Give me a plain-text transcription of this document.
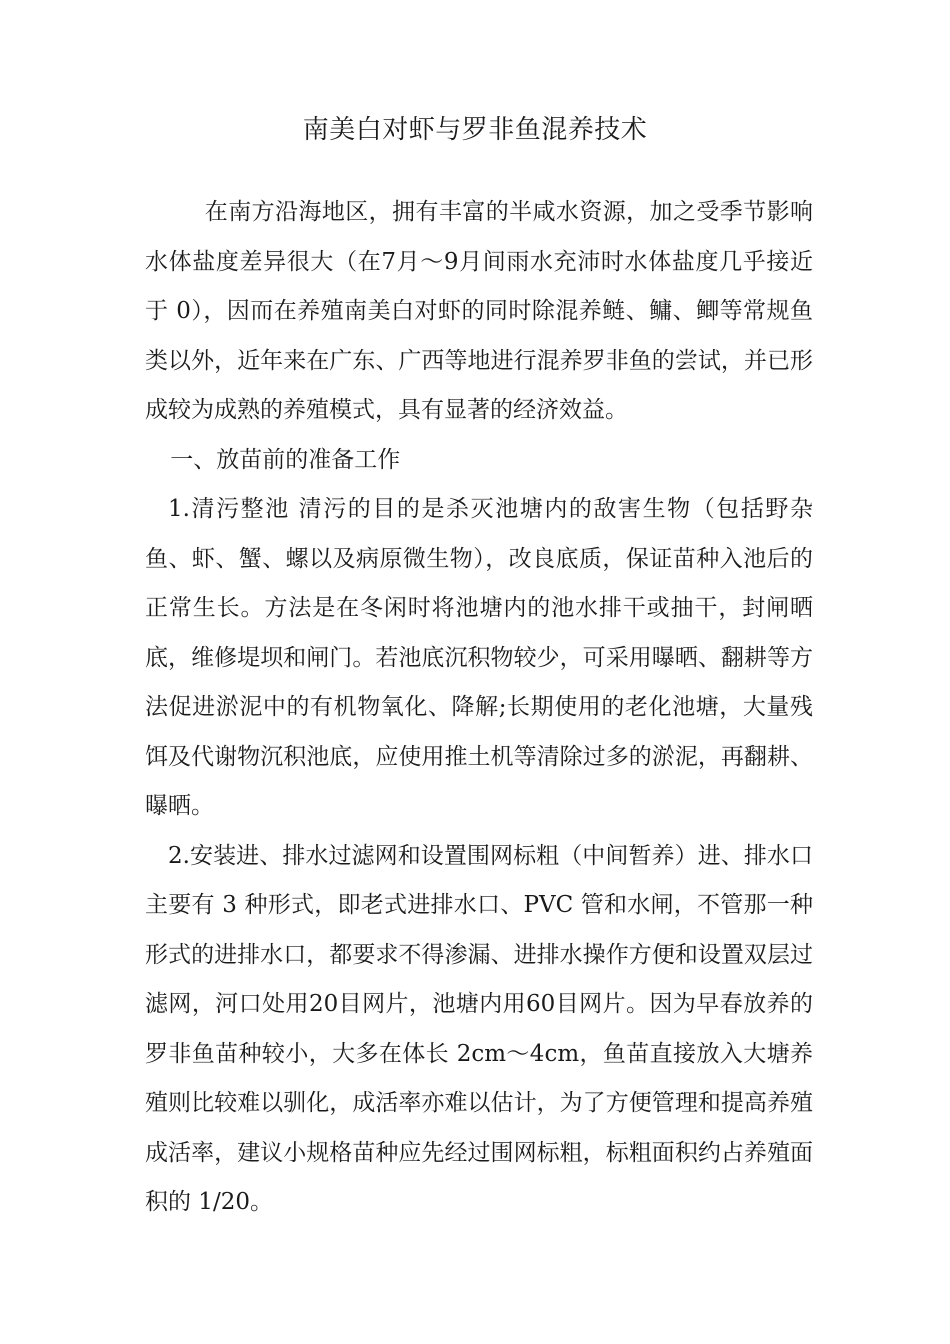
南美白对虾与罗非鱼混养技术

在南方沿海地区，拥有丰富的半咸水资源，加之受季节影响水体盐度差异很大（在7月～9月间雨水充沛时水体盐度几乎接近于 0），因而在养殖南美白对虾的同时除混养鲢、鳙、鲫等常规鱼类以外，近年来在广东、广西等地进行混养罗非鱼的尝试，并已形成较为成熟的养殖模式，具有显著的经济效益。

一、放苗前的准备工作

1.清污整池 清污的目的是杀灭池塘内的敌害生物（包括野杂鱼、虾、蟹、螺以及病原微生物），改良底质，保证苗种入池后的正常生长。方法是在冬闲时将池塘内的池水排干或抽干，封闸晒底，维修堤坝和闸门。若池底沉积物较少，可采用曝晒、翻耕等方法促进淤泥中的有机物氧化、降解;长期使用的老化池塘，大量残饵及代谢物沉积池底，应使用推土机等清除过多的淤泥，再翻耕、曝晒。

2.安装进、排水过滤网和设置围网标粗（中间暂养）进、排水口主要有 3 种形式，即老式进排水口、PVC 管和水闸，不管那一种形式的进排水口，都要求不得渗漏、进排水操作方便和设置双层过滤网，河口处用20目网片，池塘内用60目网片。因为早春放养的罗非鱼苗种较小，大多在体长 2cm～4cm，鱼苗直接放入大塘养殖则比较难以驯化，成活率亦难以估计，为了方便管理和提高养殖成活率，建议小规格苗种应先经过围网标粗，标粗面积约占养殖面积的 1/20。
